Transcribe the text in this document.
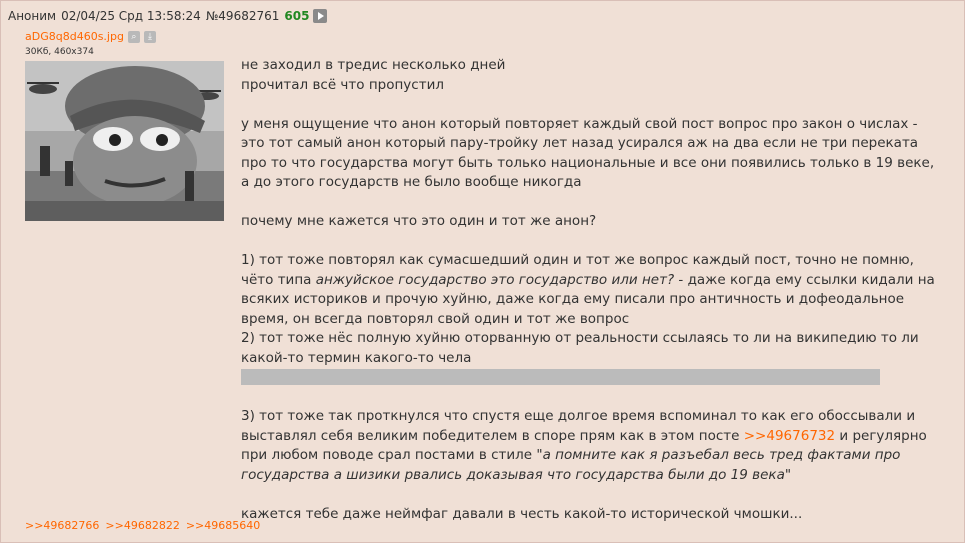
Аноним 02/04/25 Срд 13:58:24 №49682761 605
aDG8q8d460s.jpg ⌕	⤓
30Кб, 460x374

не заходил в тредис несколько дней

прочитал всё что пропустил

у меня ощущение что анон который повторяет каждый свой пост вопрос про закон о числах - это тот самый анон который пару-тройку лет назад усирался аж на два если не три переката про то что государства могут быть только национальные и все они появились только в 19 веке, а до этого государств не было вообще никогда

почему мне кажется что это один и тот же анон?

1) тот тоже повторял как сумасшедший один и тот же вопрос каждый пост, точно не помню, чёто типа анжуйское государство это государство или нет? - даже когда ему ссылки кидали на всяких историков и прочую хуйню, даже когда ему писали про античность и дофеодальное время, он всегда повторял свой один и тот же вопрос

2) тот тоже нёс полную хуйню оторванную от реальности ссылаясь то ли на википедию то ли какой-то термин какого-то чела

3) тот тоже так проткнулся что спустя еще долгое время вспоминал то как его обоссывали и выставлял себя великим победителем в споре прям как в этом посте >>49676732 и регулярно при любом поводе срал постами в стиле "а помните как я разъебал весь тред фактами про государства а шизики рвались доказывая что государства были до 19 века"

кажется тебе даже неймфаг давали в честь какой-то исторической чмошки...

>>49682766 >>49682822 >>49685640
